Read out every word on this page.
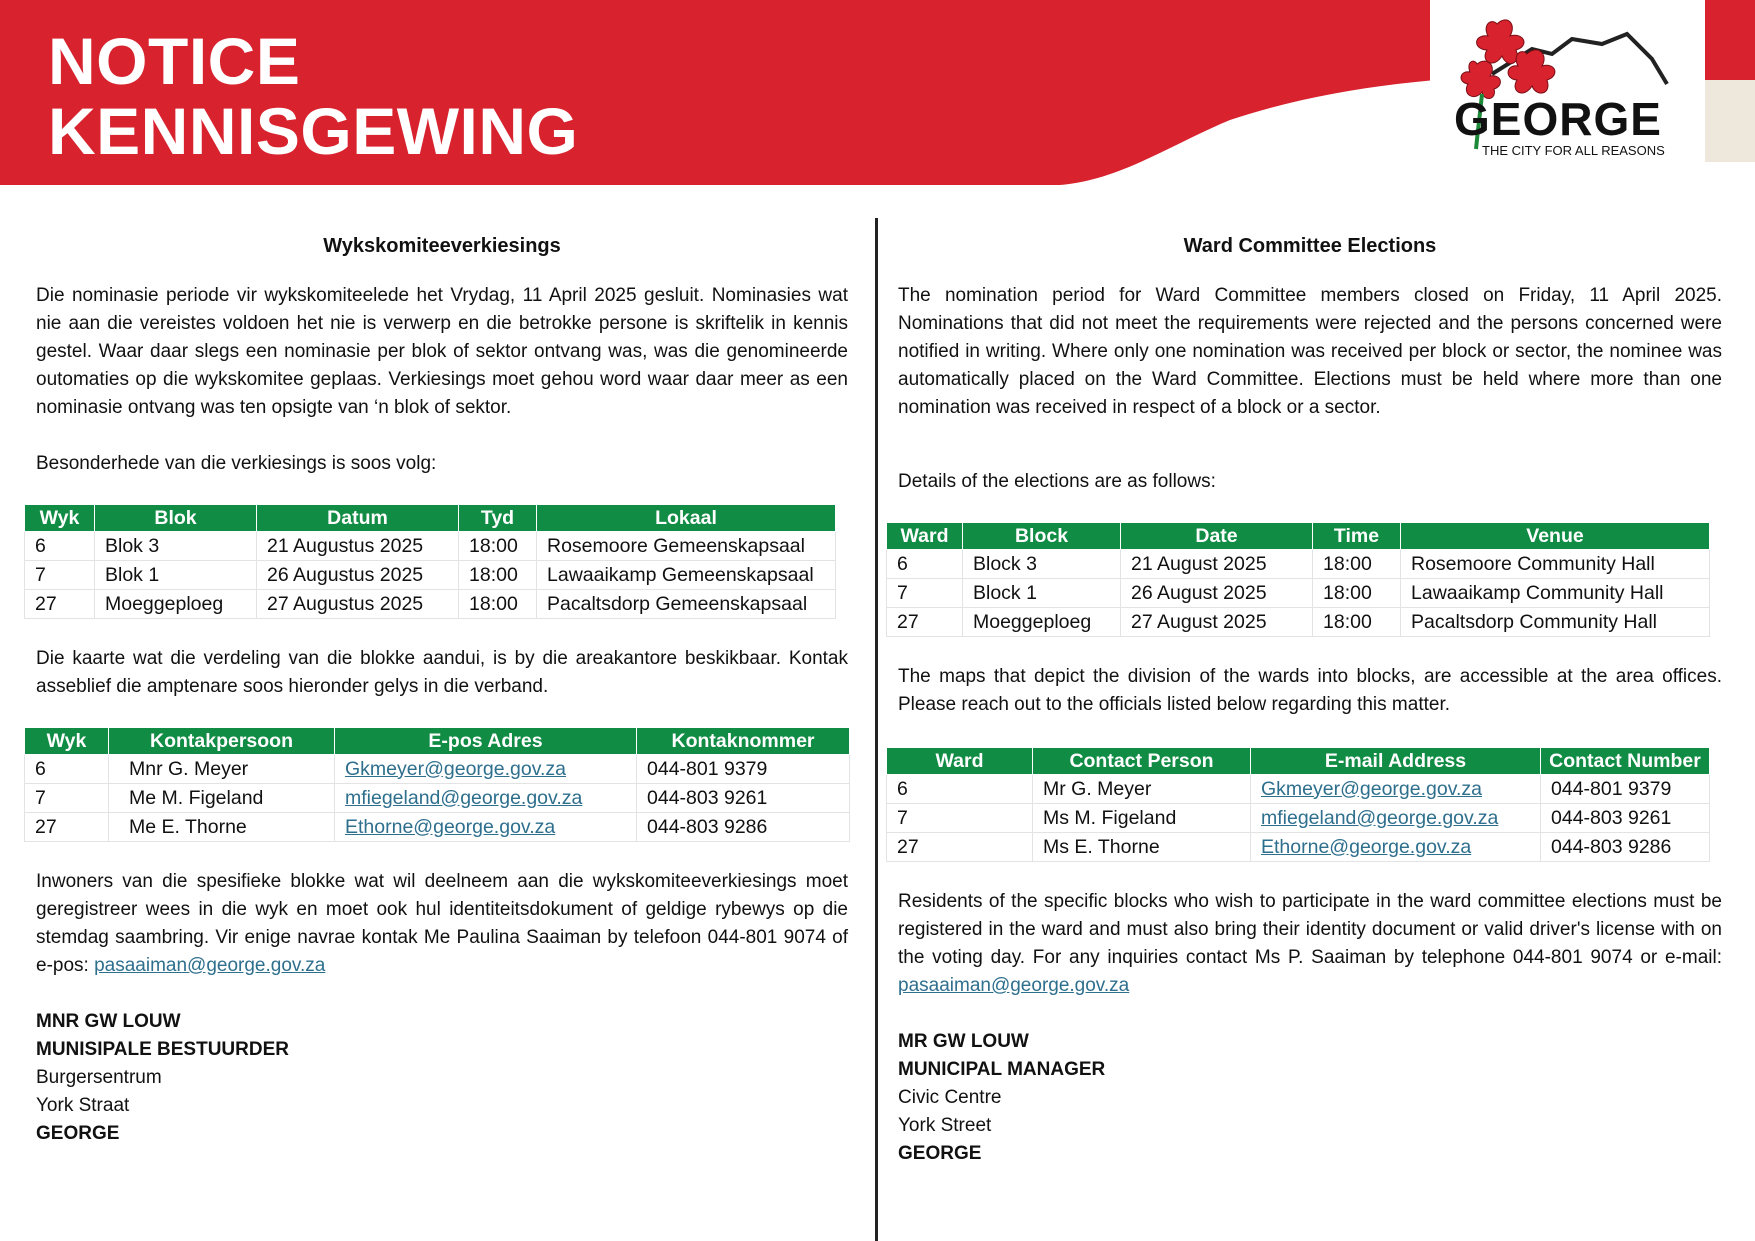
NOTICE
KENNISGEWING	GEORGE
THE CITY FOR ALL REASONS
Wykskomiteeverkiesings

Die nominasie periode vir wykskomiteelede het Vrydag, 11 April 2025 gesluit. Nominasies wat nie aan die vereistes voldoen het nie is verwerp en die betrokke persone is skriftelik in kennis gestel. Waar daar slegs een nominasie per blok of sektor ontvang was, was die genomineerde outomaties op die wykskomitee geplaas. Verkiesings moet gehou word waar daar meer as een nominasie ontvang was ten opsigte van ‘n blok of sektor.

Besonderhede van die verkiesings is soos volg:

Wyk	Blok	Datum	Tyd	Lokaal
6	Blok 3	21 Augustus 2025	18:00	Rosemoore Gemeenskapsaal
7	Blok 1	26 Augustus 2025	18:00	Lawaaikamp Gemeenskapsaal
27	Moeggeploeg	27 Augustus 2025	18:00	Pacaltsdorp Gemeenskapsaal

Die kaarte wat die verdeling van die blokke aandui, is by die areakantore beskikbaar. Kontak asseblief die amptenare soos hieronder gelys in die verband.

Wyk	Kontakpersoon	E-pos Adres	Kontaknommer
6	Mnr G. Meyer	Gkmeyer@george.gov.za	044-801 9379
7	Me M. Figeland	mfiegeland@george.gov.za	044-803 9261
27	Me E. Thorne	Ethorne@george.gov.za	044-803 9286

Inwoners van die spesifieke blokke wat wil deelneem aan die wykskomiteeverkiesings moet geregistreer wees in die wyk en moet ook hul identiteitsdokument of geldige rybewys op die stemdag saambring. Vir enige navrae kontak Me Paulina Saaiman by telefoon 044-801 9074 of e-pos: pasaaiman@george.gov.za

MNR GW LOUW
MUNISIPALE BESTUURDER
Burgersentrum
York Straat
GEORGE
Ward Committee Elections

The nomination period for Ward Committee members closed on Friday, 11 April 2025. Nominations that did not meet the requirements were rejected and the persons concerned were notified in writing. Where only one nomination was received per block or sector, the nominee was automatically placed on the Ward Committee. Elections must be held where more than one nomination was received in respect of a block or a sector.

Details of the elections are as follows:

Ward	Block	Date	Time	Venue
6	Block 3	21 August 2025	18:00	Rosemoore Community Hall
7	Block 1	26 August 2025	18:00	Lawaaikamp Community Hall
27	Moeggeploeg	27 August 2025	18:00	Pacaltsdorp Community Hall

The maps that depict the division of the wards into blocks, are accessible at the area offices. Please reach out to the officials listed below regarding this matter.

Ward	Contact Person	E-mail Address	Contact Number
6	Mr G. Meyer	Gkmeyer@george.gov.za	044-801 9379
7	Ms M. Figeland	mfiegeland@george.gov.za	044-803 9261
27	Ms E. Thorne	Ethorne@george.gov.za	044-803 9286

Residents of the specific blocks who wish to participate in the ward committee elections must be registered in the ward and must also bring their identity document or valid driver's license with on the voting day. For any inquiries contact Ms P. Saaiman by telephone 044-801 9074 or e-mail: pasaaiman@george.gov.za

MR GW LOUW
MUNICIPAL MANAGER
Civic Centre
York Street
GEORGE
